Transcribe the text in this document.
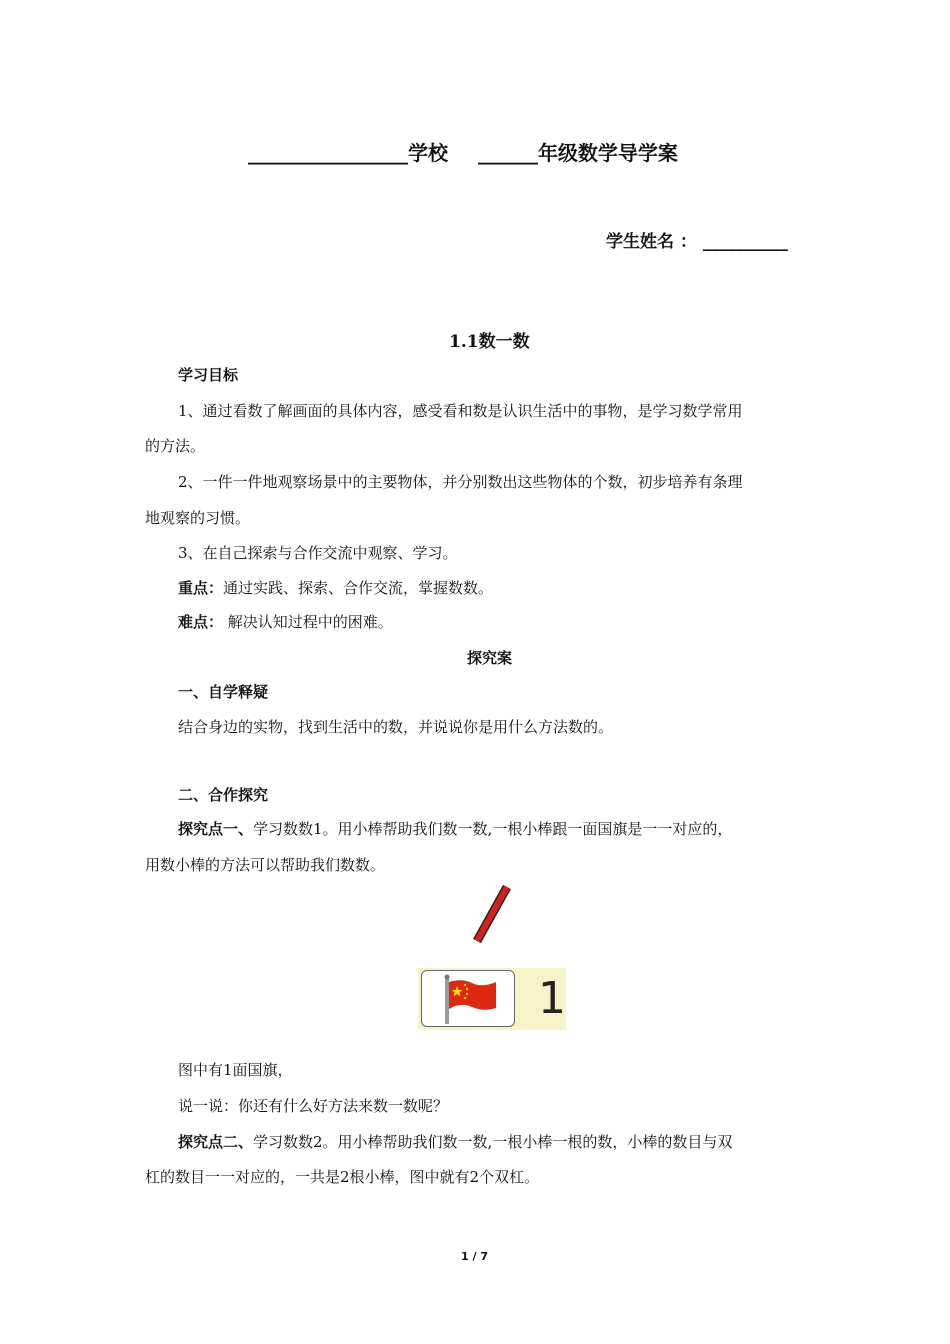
________________学校 ______年级数学导学案
学生姓名 ： __________
1.1数一数
学习目标
1、通过看数了解画面的具体内容，感受看和数是认识生活中的事物，是学习数学常用
的方法。
2、一件一件地观察场景中的主要物体，并分别数出这些物体的个数，初步培养有条理
地观察的习惯。
3、在自己探索与合作交流中观察、学习。
重点：通过实践、探索、合作交流，掌握数数。
难点： 解决认知过程中的困难。
探究案
一、自学释疑
结合身边的实物，找到生活中的数，并说说你是用什么方法数的。
二、合作探究
探究点一、学习数数1。用小棒帮助我们数一数,一根小棒跟一面国旗是一一对应的，
用数小棒的方法可以帮助我们数数。
1
图中有1面国旗，
说一说：你还有什么好方法来数一数呢？
探究点二、学习数数2。用小棒帮助我们数一数,一根小棒一根的数，小棒的数目与双
杠的数目一一对应的，一共是2根小棒，图中就有2个双杠。
1 / 7
